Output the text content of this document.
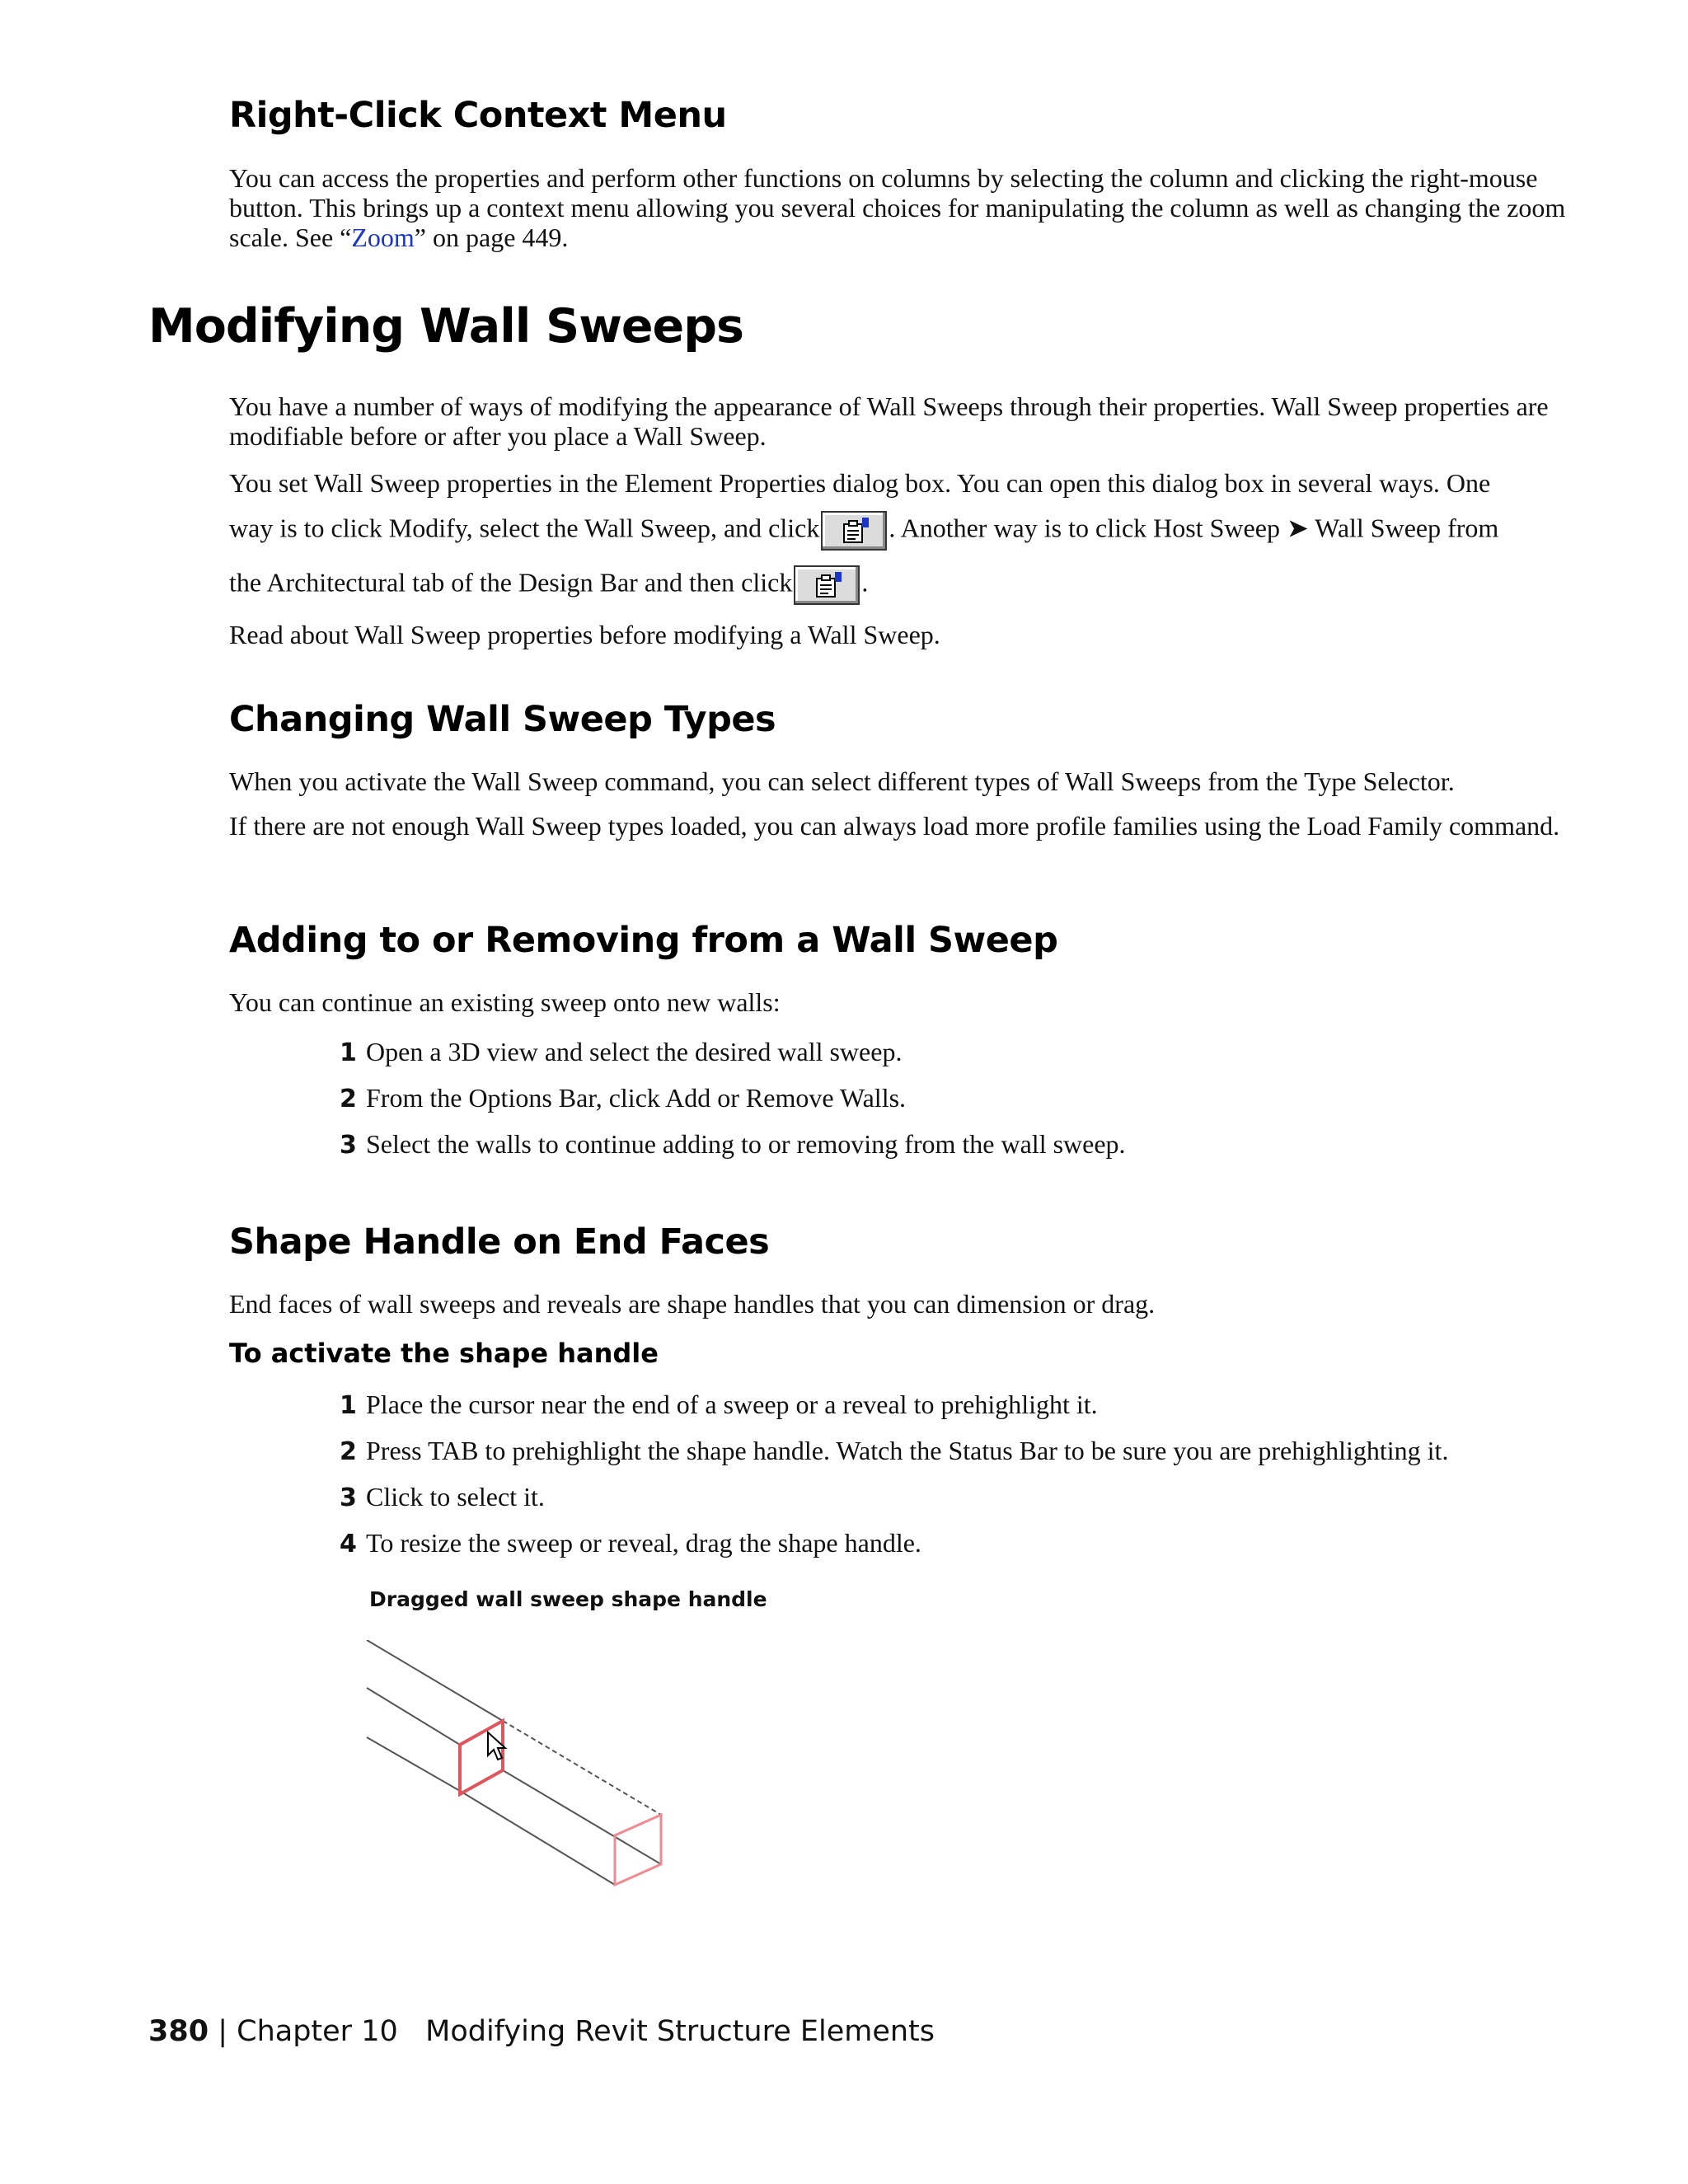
Right-Click Context Menu

You can access the properties and perform other functions on columns by selecting the column and clicking the right-mouse button. This brings up a context menu allowing you several choices for manipulating the column as well as changing the zoom scale. See “Zoom” on page 449.

Modifying Wall Sweeps

You have a number of ways of modifying the appearance of Wall Sweeps through their properties. Wall Sweep properties are modifiable before or after you place a Wall Sweep.

You set Wall Sweep properties in the Element Properties dialog box. You can open this dialog box in several ways. One
way is to click Modify, select the Wall Sweep, and click	. Another way is to click Host Sweep ➤ Wall Sweep from
the Architectural tab of the Design Bar and then click	.
Read about Wall Sweep properties before modifying a Wall Sweep.
Changing Wall Sweep Types
When you activate the Wall Sweep command, you can select different types of Wall Sweeps from the Type Selector.

If there are not enough Wall Sweep types loaded, you can always load more profile families using the Load Family command.

Adding to or Removing from a Wall Sweep
You can continue an existing sweep onto new walls:
1 Open a 3D view and select the desired wall sweep.
2 From the Options Bar, click Add or Remove Walls.
3 Select the walls to continue adding to or removing from the wall sweep.
Shape Handle on End Faces
End faces of wall sweeps and reveals are shape handles that you can dimension or drag.
To activate the shape handle
1 Place the cursor near the end of a sweep or a reveal to prehighlight it.
2 Press TAB to prehighlight the shape handle. Watch the Status Bar to be sure you are prehighlighting it.
3 Click to select it.
4 To resize the sweep or reveal, drag the shape handle.

Dragged wall sweep shape handle

380 | Chapter 10 Modifying Revit Structure Elements
